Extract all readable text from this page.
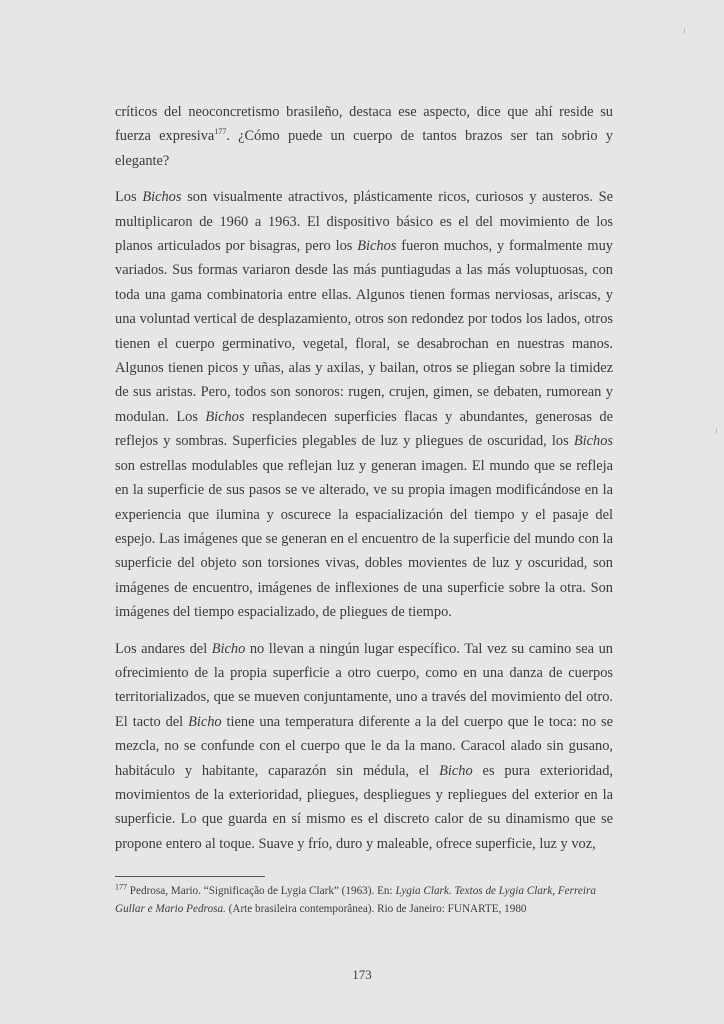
críticos del neoconcretismo brasileño, destaca ese aspecto, dice que ahí reside su fuerza expresiva$^{177}$. ¿Cómo puede un cuerpo de tantos brazos ser tan sobrio y elegante?

Los Bichos son visualmente atractivos, plásticamente ricos, curiosos y austeros. Se multiplicaron de 1960 a 1963. El dispositivo básico es el del movimiento de los planos articulados por bisagras, pero los Bichos fueron muchos, y formalmente muy variados. Sus formas variaron desde las más puntiagudas a las más voluptuosas, con toda una gama combinatoria entre ellas. Algunos tienen formas nerviosas, ariscas, y una voluntad vertical de desplazamiento, otros son redondez por todos los lados, otros tienen el cuerpo germinativo, vegetal, floral, se desabrochan en nuestras manos. Algunos tienen picos y uñas, alas y axilas, y bailan, otros se pliegan sobre la timidez de sus aristas. Pero, todos son sonoros: rugen, crujen, gimen, se debaten, rumorean y modulan. Los Bichos resplandecen superficies flacas y abundantes, generosas de reflejos y sombras. Superficies plegables de luz y pliegues de oscuridad, los Bichos son estrellas modulables que reflejan luz y generan imagen. El mundo que se refleja en la superficie de sus pasos se ve alterado, ve su propia imagen modificándose en la experiencia que ilumina y oscurece la espacialización del tiempo y el pasaje del espejo. Las imágenes que se generan en el encuentro de la superficie del mundo con la superficie del objeto son torsiones vivas, dobles movientes de luz y oscuridad, son imágenes de encuentro, imágenes de inflexiones de una superficie sobre la otra. Son imágenes del tiempo espacializado, de pliegues de tiempo.

Los andares del Bicho no llevan a ningún lugar específico. Tal vez su camino sea un ofrecimiento de la propia superficie a otro cuerpo, como en una danza de cuerpos territorializados, que se mueven conjuntamente, uno a través del movimiento del otro. El tacto del Bicho tiene una temperatura diferente a la del cuerpo que le toca: no se mezcla, no se confunde con el cuerpo que le da la mano. Caracol alado sin gusano, habitáculo y habitante, caparazón sin médula, el Bicho es pura exterioridad, movimientos de la exterioridad, pliegues, despliegues y repliegues del exterior en la superficie. Lo que guarda en sí mismo es el discreto calor de su dinamismo que se propone entero al toque. Suave y frío, duro y maleable, ofrece superficie, luz y voz,

$^{177}$ Pedrosa, Mario. “Significação de Lygia Clark” (1963). En: Lygia Clark. Textos de Lygia Clark, Ferreira Gullar e Mario Pedrosa. (Arte brasileira contemporânea). Rio de Janeiro: FUNARTE, 1980
173
